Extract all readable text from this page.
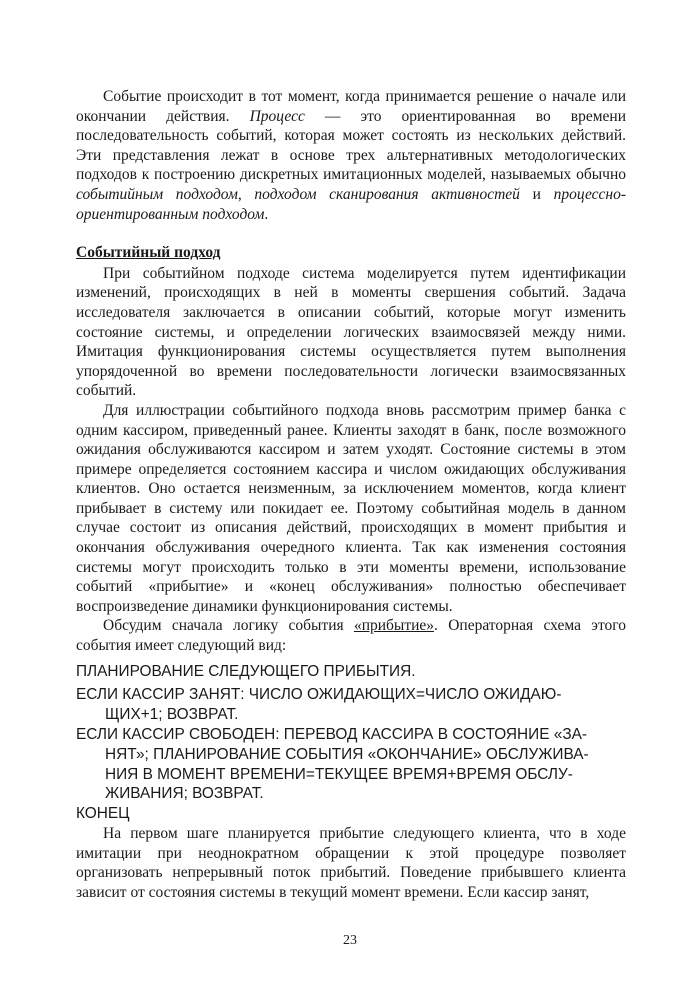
Событие происходит в тот момент, когда принимается решение о начале или окончании действия. Процесс — это ориентированная во времени последовательность событий, которая может состоять из нескольких действий. Эти представления лежат в основе трех альтернативных методологических подходов к построению дискретных имитационных моделей, называемых обычно событийным подходом, подходом сканирования активностей и процессно-ориентированным подходом.

Событийный подход

При событийном подходе система моделируется путем идентификации изменений, происходящих в ней в моменты свершения событий. Задача исследователя заключается в описании событий, которые могут изменить состояние системы, и определении логических взаимосвязей между ними. Имитация функционирования системы осуществляется путем выполнения упорядоченной во времени последовательности логически взаимосвязанных событий.

Для иллюстрации событийного подхода вновь рассмотрим пример банка с одним кассиром, приведенный ранее. Клиенты заходят в банк, после возможного ожидания обслуживаются кассиром и затем уходят. Состояние системы в этом примере определяется состоянием кассира и числом ожидающих обслуживания клиентов. Оно остается неизменным, за исключением моментов, когда клиент прибывает в систему или покидает ее. Поэтому событийная модель в данном случае состоит из описания действий, происходящих в момент прибытия и окончания обслуживания очередного клиента. Так как изменения состояния системы могут происходить только в эти моменты времени, использование событий «прибытие» и «конец обслуживания» полностью обеспечивает воспроизведение динамики функционирования системы.

Обсудим сначала логику события «прибытие». Операторная схема этого события имеет следующий вид:

ПЛАНИРОВАНИЕ СЛЕДУЮЩЕГО ПРИБЫТИЯ.

ЕСЛИ КАССИР ЗАНЯТ: ЧИСЛО ОЖИДАЮЩИХ=ЧИСЛО ОЖИДАЮ-
ЩИХ+1; ВОЗВРАТ.

ЕСЛИ КАССИР СВОБОДЕН: ПЕРЕВОД КАССИРА В СОСТОЯНИЕ «ЗА-
НЯТ»; ПЛАНИРОВАНИЕ СОБЫТИЯ «ОКОНЧАНИЕ» ОБСЛУЖИВА-
НИЯ В МОМЕНТ ВРЕМЕНИ=ТЕКУЩЕЕ ВРЕМЯ+ВРЕМЯ ОБСЛУ-
ЖИВАНИЯ; ВОЗВРАТ.

КОНЕЦ

На первом шаге планируется прибытие следующего клиента, что в ходе имитации при неоднократном обращении к этой процедуре позволяет организовать непрерывный поток прибытий. Поведение прибывшего клиента зависит от состояния системы в текущий момент времени. Если кассир занят,

23
